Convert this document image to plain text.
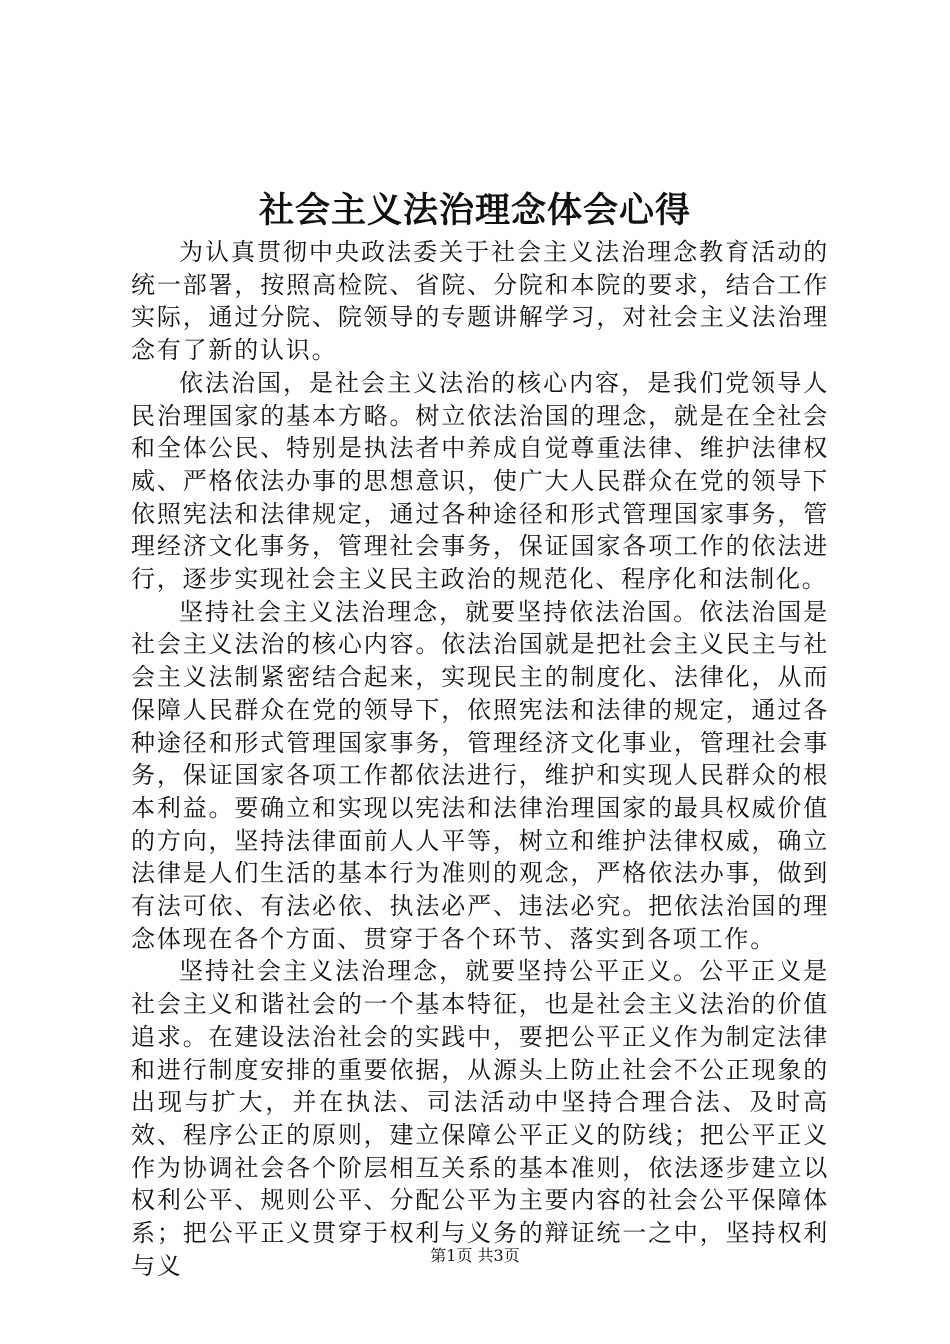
社会主义法治理念体会心得

为认真贯彻中央政法委关于社会主义法治理念教育活动的统一部署，按照高检院、省院、分院和本院的要求，结合工作实际，通过分院、院领导的专题讲解学习，对社会主义法治理念有了新的认识。

依法治国，是社会主义法治的核心内容，是我们党领导人民治理国家的基本方略。树立依法治国的理念，就是在全社会和全体公民、特别是执法者中养成自觉尊重法律、维护法律权威、严格依法办事的思想意识，使广大人民群众在党的领导下依照宪法和法律规定，通过各种途径和形式管理国家事务，管理经济文化事务，管理社会事务，保证国家各项工作的依法进行，逐步实现社会主义民主政治的规范化、程序化和法制化。

坚持社会主义法治理念，就要坚持依法治国。依法治国是社会主义法治的核心内容。依法治国就是把社会主义民主与社会主义法制紧密结合起来，实现民主的制度化、法律化，从而保障人民群众在党的领导下，依照宪法和法律的规定，通过各种途径和形式管理国家事务，管理经济文化事业，管理社会事务，保证国家各项工作都依法进行，维护和实现人民群众的根本利益。要确立和实现以宪法和法律治理国家的最具权威价值的方向，坚持法律面前人人平等，树立和维护法律权威，确立法律是人们生活的基本行为准则的观念，严格依法办事，做到有法可依、有法必依、执法必严、违法必究。把依法治国的理念体现在各个方面、贯穿于各个环节、落实到各项工作。

坚持社会主义法治理念，就要坚持公平正义。公平正义是社会主义和谐社会的一个基本特征，也是社会主义法治的价值追求。在建设法治社会的实践中，要把公平正义作为制定法律和进行制度安排的重要依据，从源头上防止社会不公正现象的出现与扩大，并在执法、司法活动中坚持合理合法、及时高效、程序公正的原则，建立保障公平正义的防线；把公平正义作为协调社会各个阶层相互关系的基本准则，依法逐步建立以权利公平、规则公平、分配公平为主要内容的社会公平保障体系；把公平正义贯穿于权利与义务的辩证统一之中，坚持权利与义	第1页 共3页
